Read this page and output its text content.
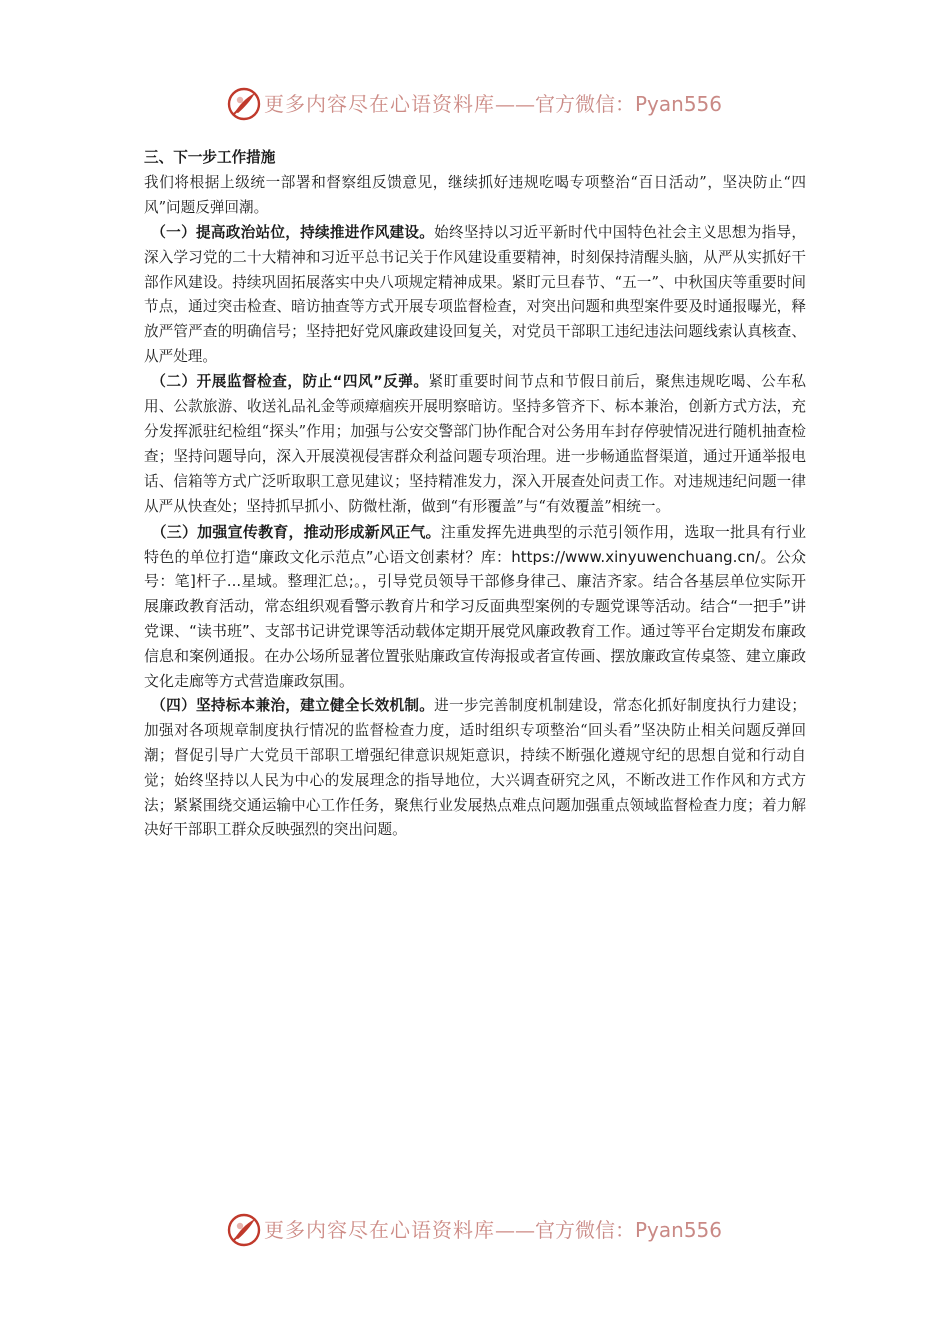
更多内容尽在心语资料库——官方微信：Pyan556

三、下一步工作措施

我们将根据上级统一部署和督察组反馈意见，继续抓好违规吃喝专项整治“百日活动”，坚决防止“四风”问题反弹回潮。

（一）提高政治站位，持续推进作风建设。始终坚持以习近平新时代中国特色社会主义思想为指导，深入学习党的二十大精神和习近平总书记关于作风建设重要精神，时刻保持清醒头脑，从严从实抓好干部作风建设。持续巩固拓展落实中央八项规定精神成果。紧盯元旦春节、“五一”、中秋国庆等重要时间节点，通过突击检查、暗访抽查等方式开展专项监督检查，对突出问题和典型案件要及时通报曝光，释放严管严查的明确信号；坚持把好党风廉政建设回复关，对党员干部职工违纪违法问题线索认真核查、从严处理。

（二）开展监督检查，防止“四风”反弹。紧盯重要时间节点和节假日前后，聚焦违规吃喝、公车私用、公款旅游、收送礼品礼金等顽瘴痼疾开展明察暗访。坚持多管齐下、标本兼治，创新方式方法，充分发挥派驻纪检组“探头”作用；加强与公安交警部门协作配合对公务用车封存停驶情况进行随机抽查检查；坚持问题导向，深入开展漠视侵害群众利益问题专项治理。进一步畅通监督渠道，通过开通举报电话、信箱等方式广泛听取职工意见建议；坚持精准发力，深入开展查处问责工作。对违规违纪问题一律从严从快查处；坚持抓早抓小、防微杜渐，做到“有形覆盖”与“有效覆盖”相统一。

（三）加强宣传教育，推动形成新风正气。注重发挥先进典型的示范引领作用，选取一批具有行业特色的单位打造“廉政文化示范点”心语文创素材？库：https://www.xinyuwenchuang.cn/。公众号：笔]杆子...星域。整理汇总;。，引导党员领导干部修身律己、廉洁齐家。结合各基层单位实际开展廉政教育活动，常态组织观看警示教育片和学习反面典型案例的专题党课等活动。结合“一把手”讲党课、“读书班”、支部书记讲党课等活动载体定期开展党风廉政教育工作。通过等平台定期发布廉政信息和案例通报。在办公场所显著位置张贴廉政宣传海报或者宣传画、摆放廉政宣传桌签、建立廉政文化走廊等方式营造廉政氛围。

（四）坚持标本兼治，建立健全长效机制。进一步完善制度机制建设，常态化抓好制度执行力建设；加强对各项规章制度执行情况的监督检查力度，适时组织专项整治“回头看”坚决防止相关问题反弹回潮；督促引导广大党员干部职工增强纪律意识规矩意识，持续不断强化遵规守纪的思想自觉和行动自觉；始终坚持以人民为中心的发展理念的指导地位，大兴调查研究之风，不断改进工作作风和方式方法；紧紧围绕交通运输中心工作任务，聚焦行业发展热点难点问题加强重点领域监督检查力度；着力解决好干部职工群众反映强烈的突出问题。

更多内容尽在心语资料库——官方微信：Pyan556
